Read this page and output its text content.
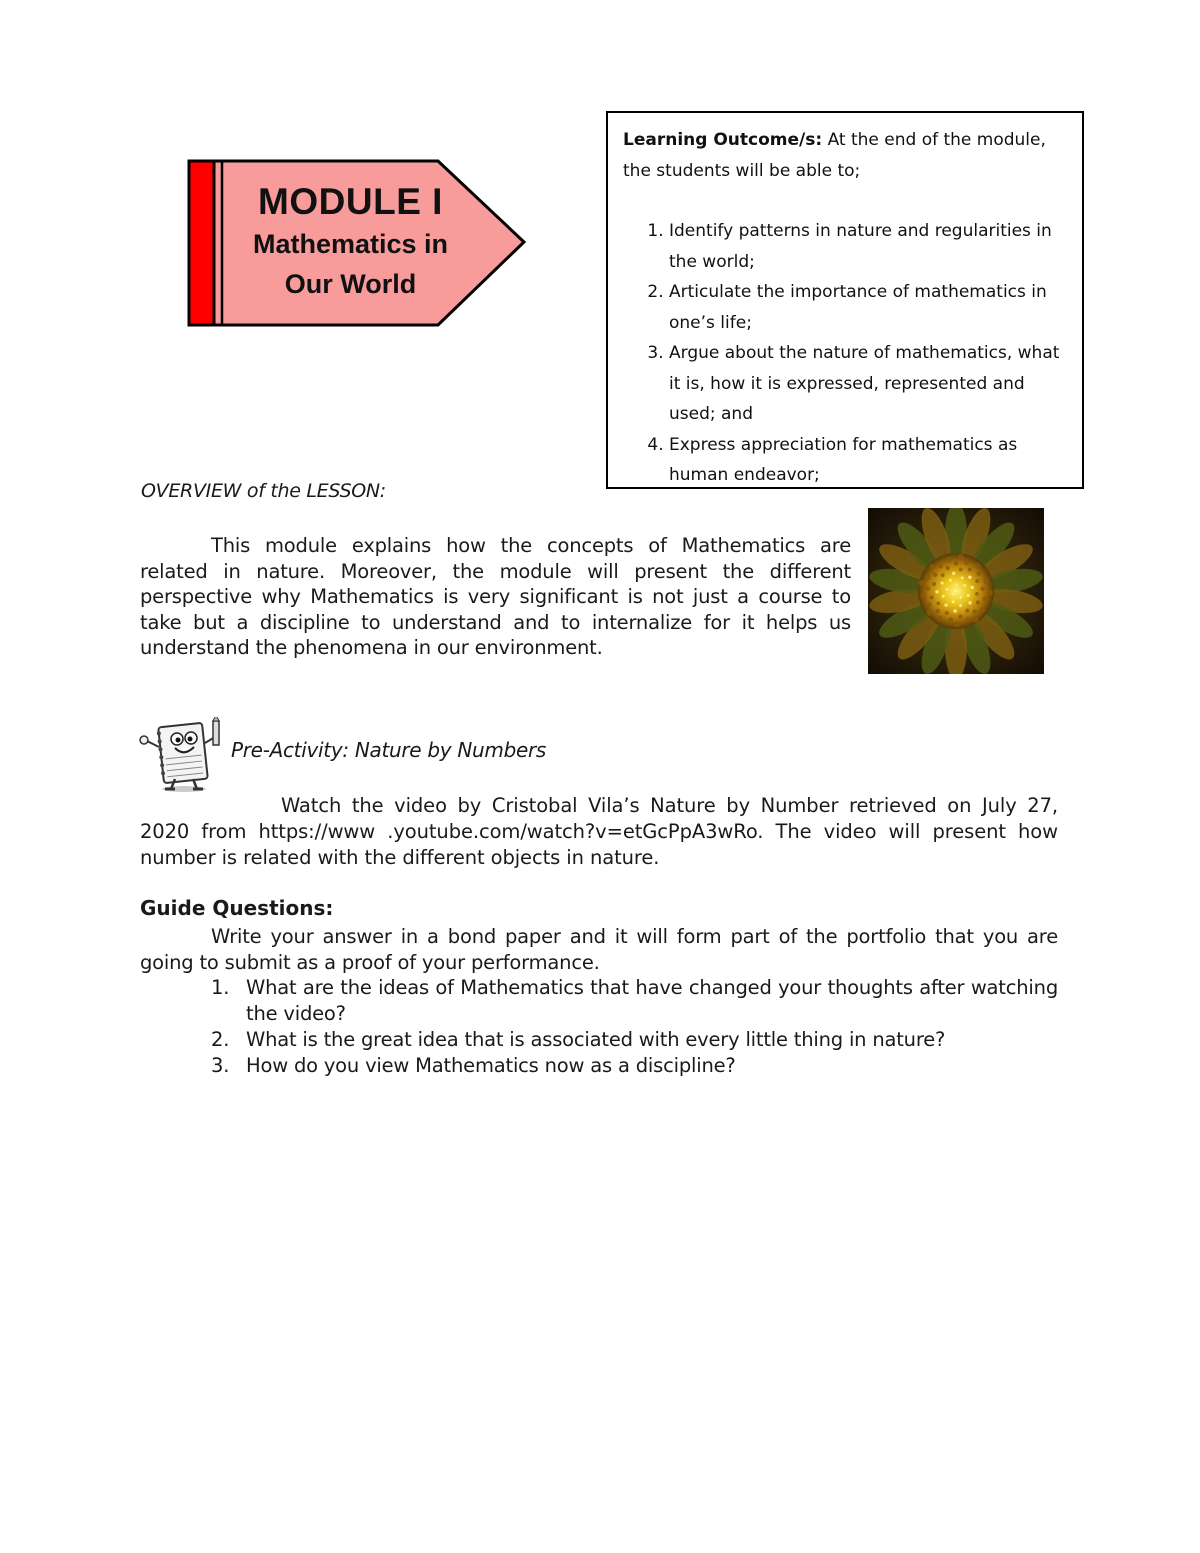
MODULE I
Mathematics in
Our World
Learning Outcome/s: At the end of the module, the students will be able to;
1. Identify patterns in nature and regularities in the world;
2. Articulate the importance of mathematics in one’s life;
3. Argue about the nature of mathematics, what it is, how it is expressed, represented and used; and
4. Express appreciation for mathematics as human endeavor;
OVERVIEW of the LESSON:
This module explains how the concepts of Mathematics are related in nature. Moreover, the module will present the different perspective why Mathematics is very significant is not just a course to take but a discipline to understand and to internalize for it helps us understand the phenomena in our environment.
Pre-Activity: Nature by Numbers
Watch the video by Cristobal Vila’s Nature by Number retrieved on July 27, 2020 from https://www .youtube.com/watch?v=etGcPpA3wRo. The video will present how number is related with the different objects in nature.
Guide Questions:
Write your answer in a bond paper and it will form part of the portfolio that you are going to submit as a proof of your performance.
1. What are the ideas of Mathematics that have changed your thoughts after watching the video?
2. What is the great idea that is associated with every little thing in nature?
3. How do you view Mathematics now as a discipline?
